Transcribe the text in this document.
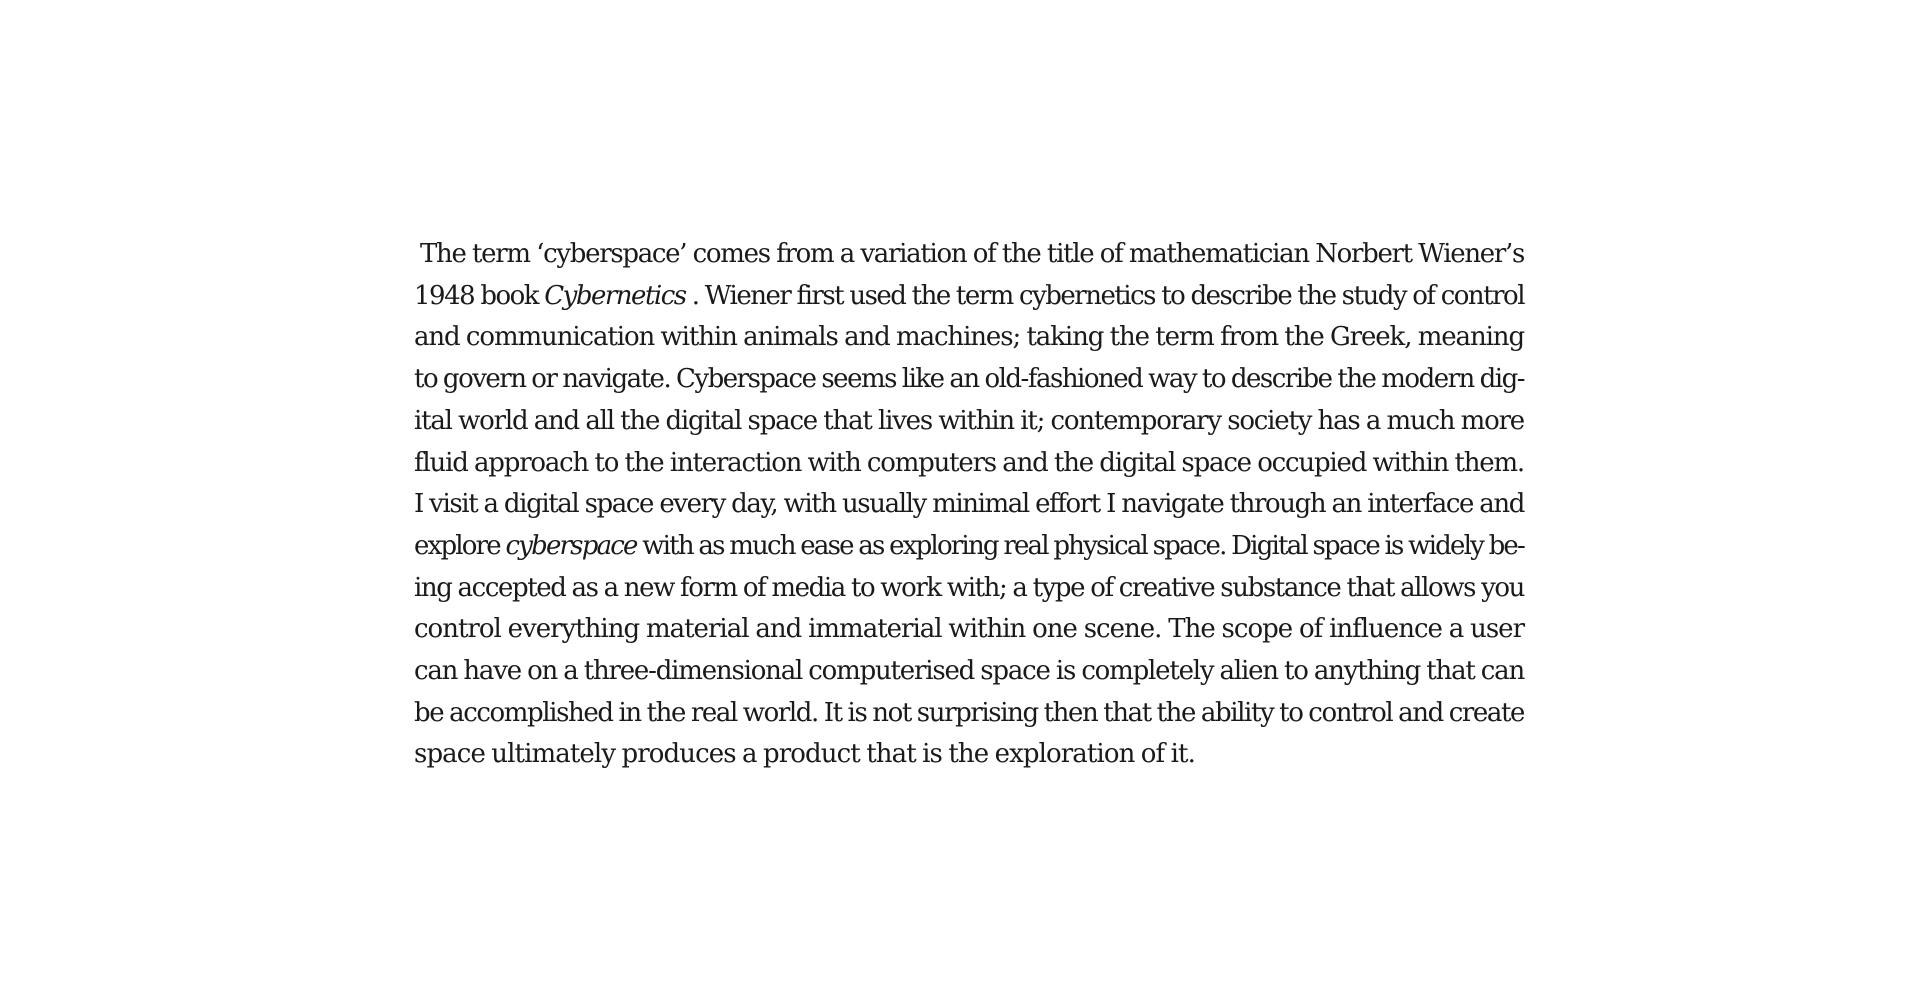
The term ‘cyberspace’ comes from a variation of the title of mathematician Norbert Wiener’s
1948 book Cybernetics . Wiener first used the term cybernetics to describe the study of control
and communication within animals and machines; taking the term from the Greek, meaning
to govern or navigate. Cyberspace seems like an old-fashioned way to describe the modern dig-
ital world and all the digital space that lives within it; contemporary society has a much more
fluid approach to the interaction with computers and the digital space occupied within them.
I visit a digital space every day, with usually minimal effort I navigate through an interface and
explore cyberspace with as much ease as exploring real physical space. Digital space is widely be-
ing accepted as a new form of media to work with; a type of creative substance that allows you
control everything material and immaterial within one scene. The scope of influence a user
can have on a three-dimensional computerised space is completely alien to anything that can
be accomplished in the real world. It is not surprising then that the ability to control and create
space ultimately produces a product that is the exploration of it.
